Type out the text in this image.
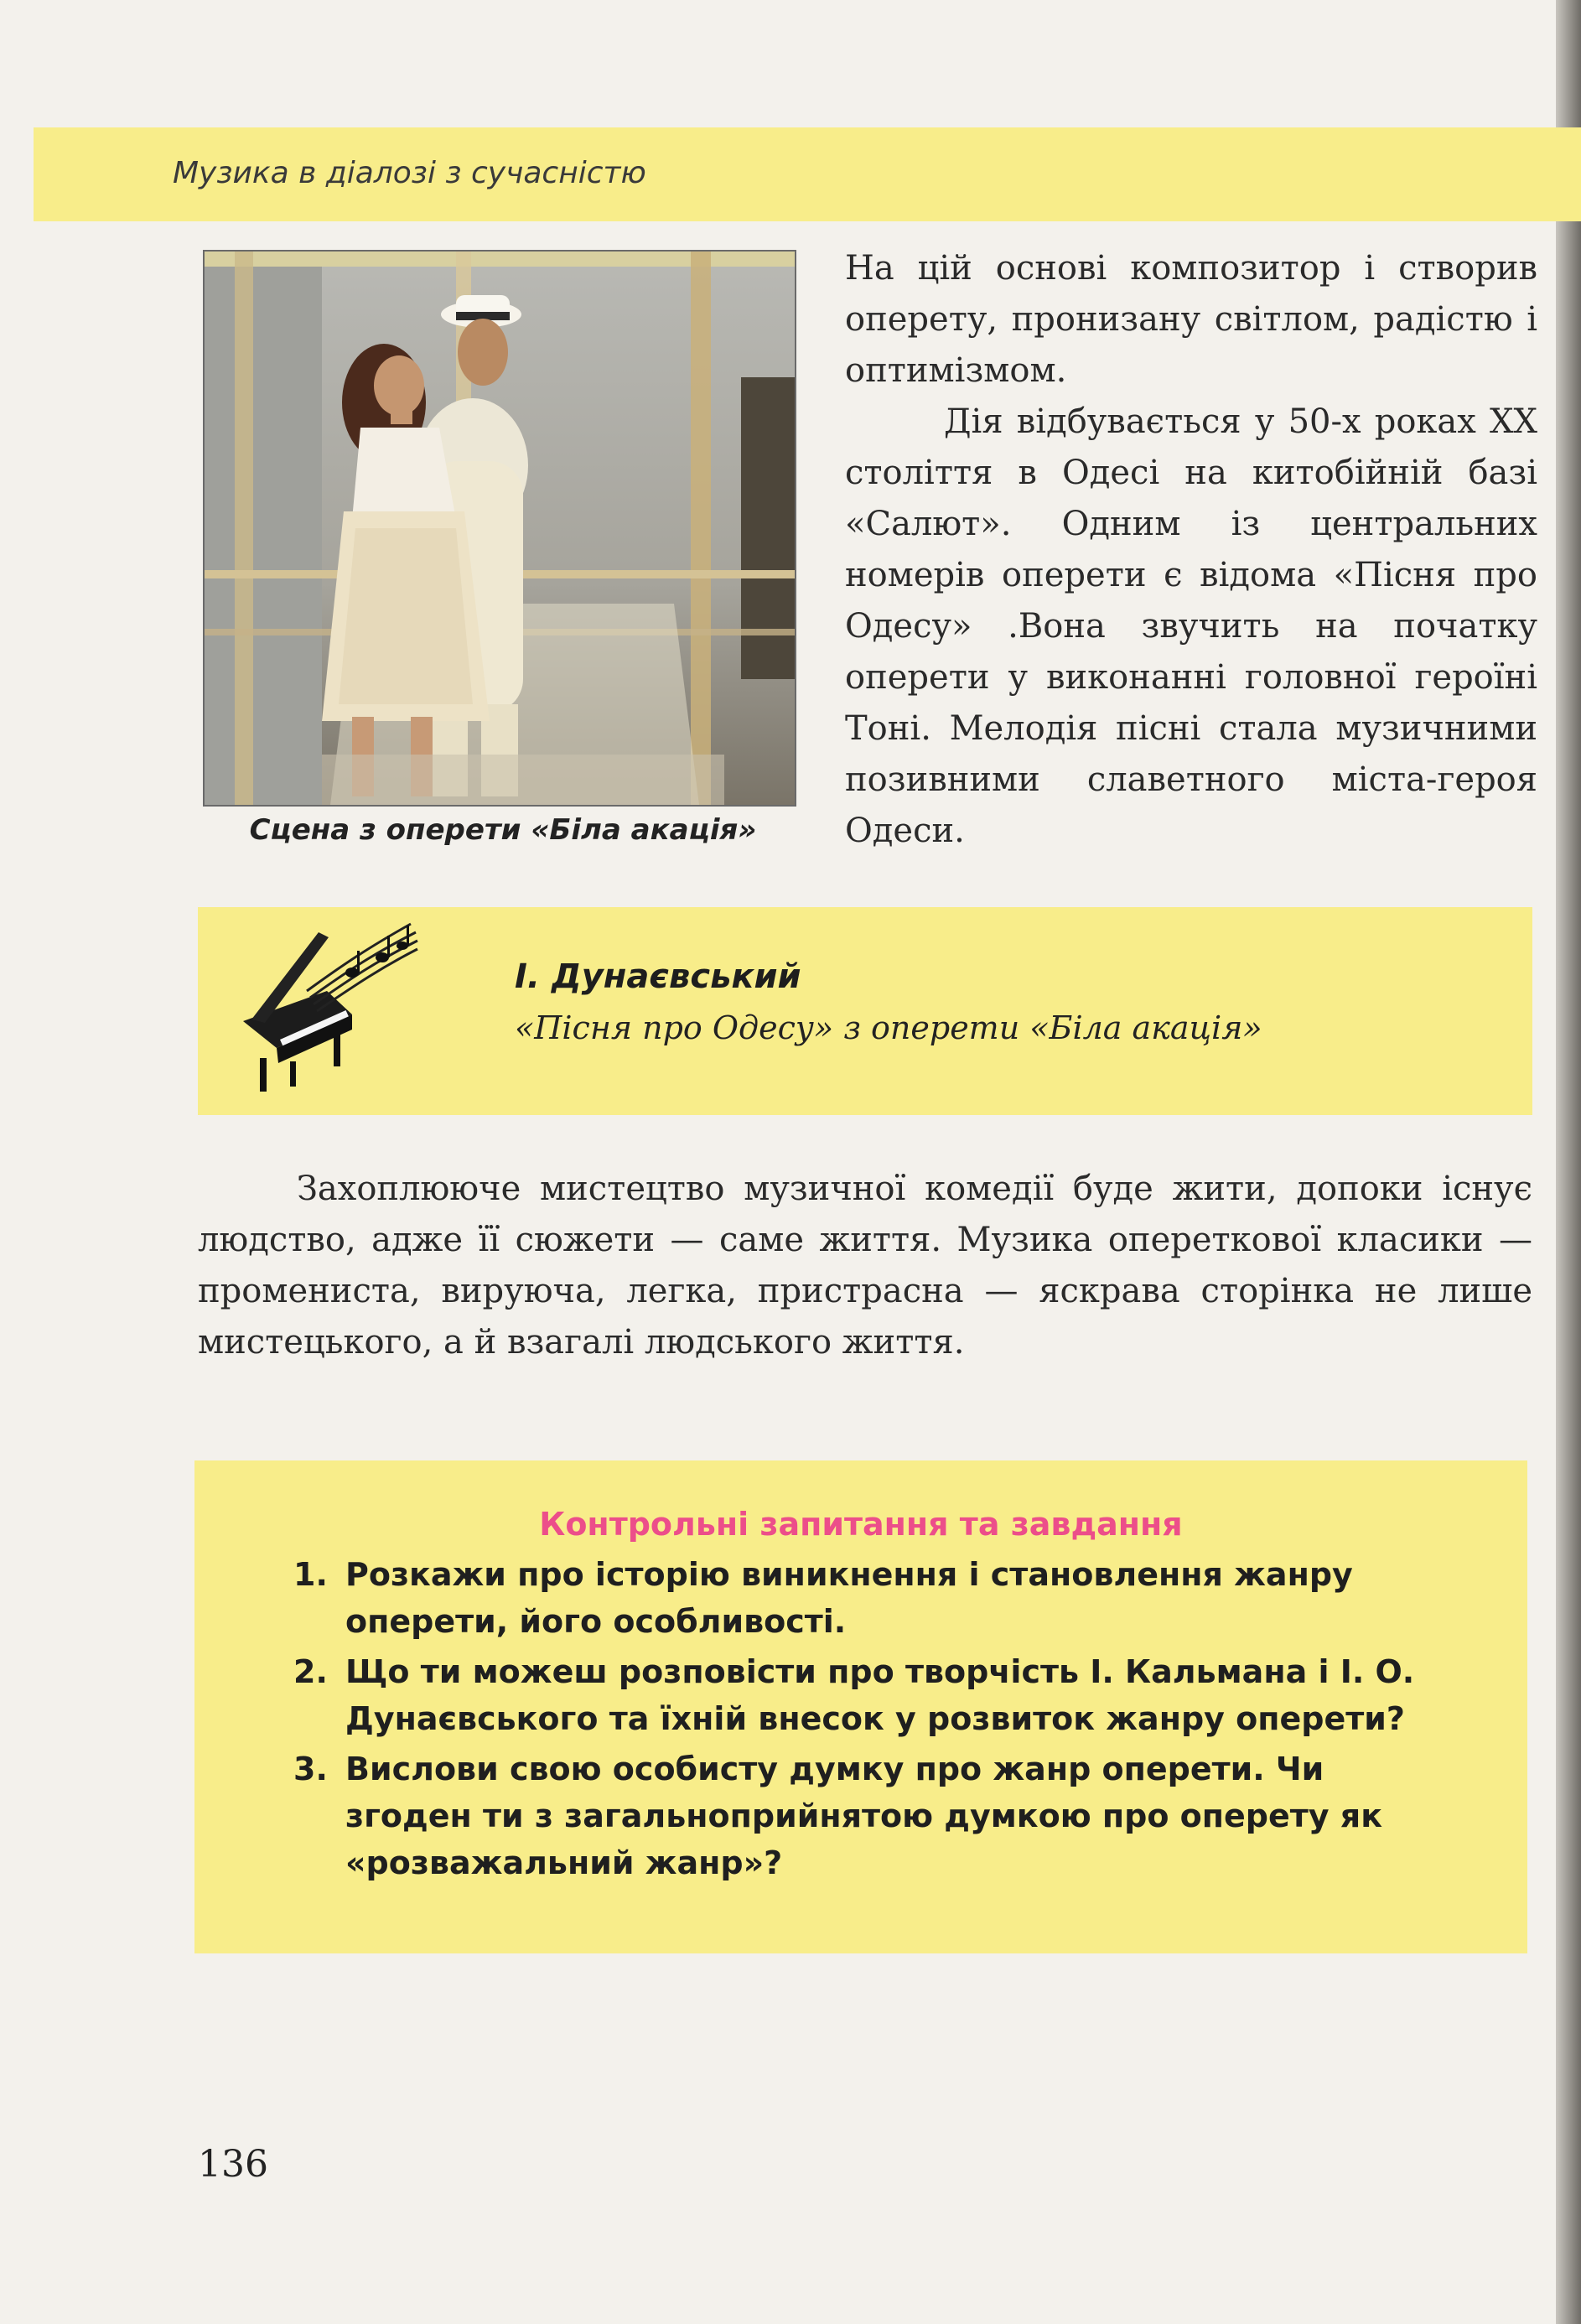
Музика в діалозі з сучасністю
Сцена з оперети «Біла акація»

На цій основі композитор і створив оперету, пронизану світлом, радістю і оптимізмом.

Дія відбувається у 50-х роках XX століття в Одесі на китобійній базі «Салют». Одним із центральних номерів оперети є відома «Пісня про Одесу» .Вона звучить на початку оперети у виконанні головної героїні Тоні. Мелодія пісні стала музичними позивними славетного міста-героя Одеси.

І. Дунаєвський
«Пісня про Одесу» з оперети «Біла акація»

Захоплююче мистецтво музичної комедії буде жити, допоки існує людство, адже її сюжети — саме життя. Музика опереткової класики — промениста, вируюча, легка, пристрасна — яскрава сторінка не лише мистецького, а й взагалі людського життя.

Контрольні запитання та завдання
1. Розкажи про історію виникнення і становлення жанру оперети, його особливості.
2. Що ти можеш розповісти про творчість І. Кальмана і І. О. Дунаєвського та їхній внесок у розвиток жанру оперети?
3. Вислови свою особисту думку про жанр оперети. Чи згоден ти з загальноприйнятою думкою про оперету як «розважальний жанр»?
136
